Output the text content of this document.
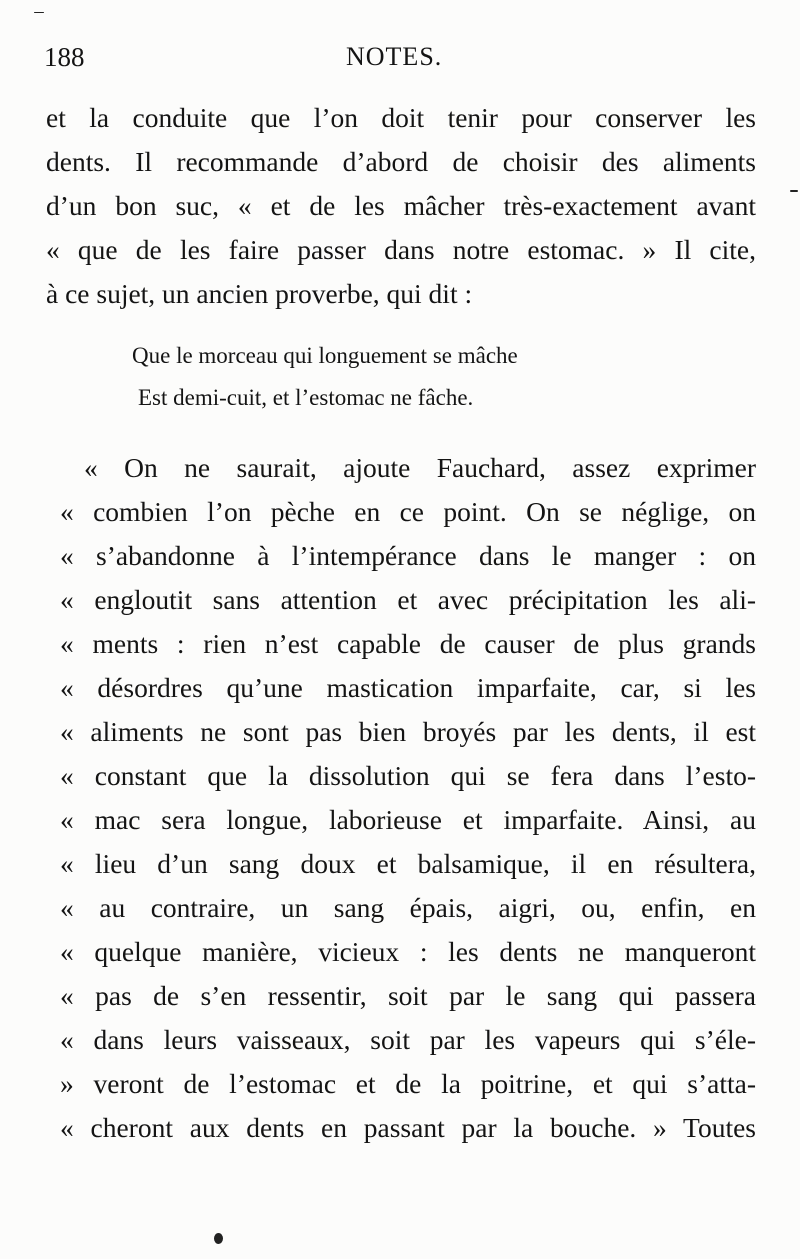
188	NOTES.
et la conduite que l’on doit tenir pour conserver les
dents. Il recommande d’abord de choisir des aliments
d’un bon suc, « et de les mâcher très-exactement avant
« que de les faire passer dans notre estomac. » Il cite,
à ce sujet, un ancien proverbe, qui dit :
Que le morceau qui longuement se mâche
Est demi-cuit, et l’estomac ne fâche.
« On ne saurait, ajoute Fauchard, assez exprimer
« combien l’on pèche en ce point. On se néglige, on
« s’abandonne à l’intempérance dans le manger : on
« engloutit sans attention et avec précipitation les ali-
« ments : rien n’est capable de causer de plus grands
« désordres qu’une mastication imparfaite, car, si les
« aliments ne sont pas bien broyés par les dents, il est
« constant que la dissolution qui se fera dans l’esto-
« mac sera longue, laborieuse et imparfaite. Ainsi, au
« lieu d’un sang doux et balsamique, il en résultera,
« au contraire, un sang épais, aigri, ou, enfin, en
« quelque manière, vicieux : les dents ne manqueront
« pas de s’en ressentir, soit par le sang qui passera
« dans leurs vaisseaux, soit par les vapeurs qui s’éle-
» veront de l’estomac et de la poitrine, et qui s’atta-
« cheront aux dents en passant par la bouche. » Toutes
